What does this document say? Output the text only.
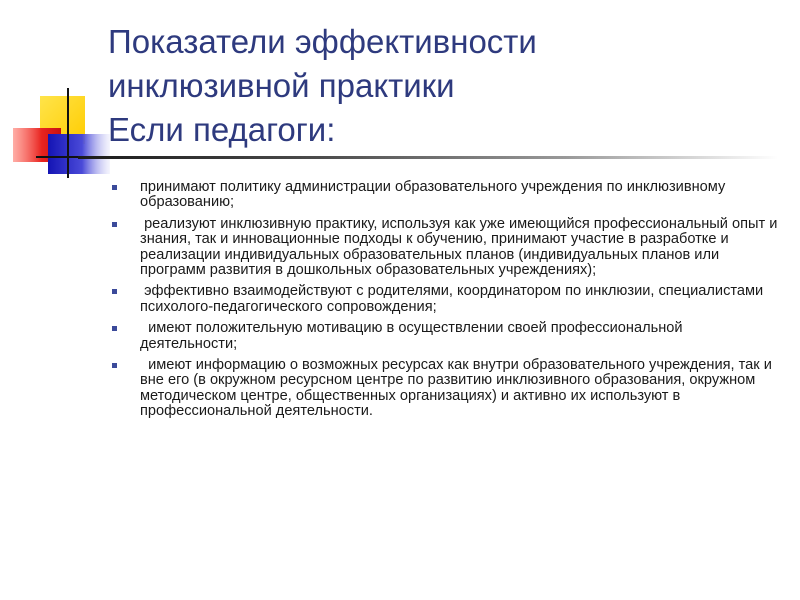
Показатели эффективности
инклюзивной практики
Если педагоги:
принимают политику администрации образовательного учреждения по инклюзивному образованию;
реализуют инклюзивную практику, используя как уже имеющийся профессиональный опыт и знания, так и инновационные подходы к обучению, принимают участие в разработке и реализации индивидуальных образовательных планов (индивидуальных планов или программ развития в дошкольных образовательных учреждениях);
эффективно взаимодействуют с родителями, координатором по инклюзии, специалистами психолого-педагогического сопровождения;
имеют положительную мотивацию в осуществлении своей профессиональной деятельности;
имеют информацию о возможных ресурсах как внутри образовательного учреждения, так и вне его (в окружном ресурсном центре по развитию инклюзивного образования, окружном методическом центре, общественных организациях) и активно их используют в профессиональной деятельности.
